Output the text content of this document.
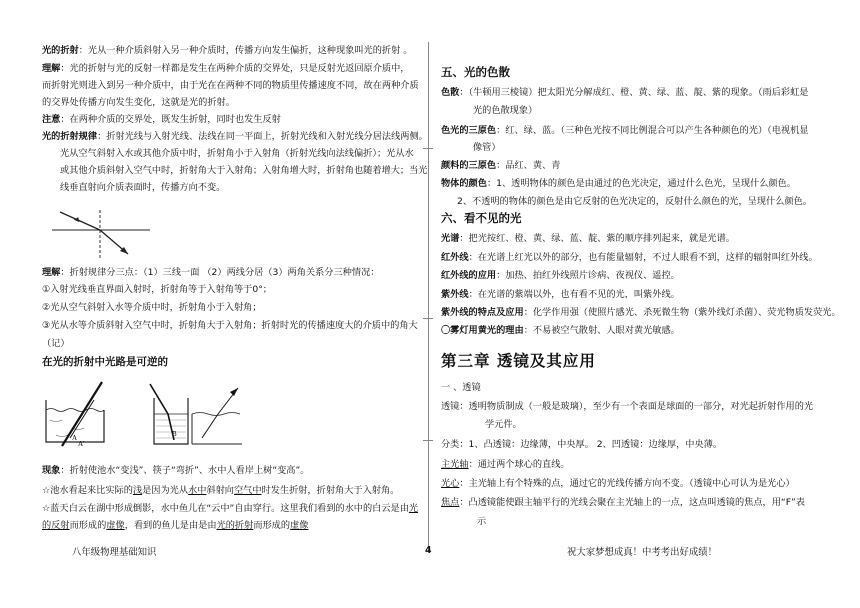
光的折射：光从一种介质斜射入另一种介质时，传播方向发生偏折，这种现象叫光的折射 。
理解：光的折射与光的反射一样都是发生在两种介质的交界处，只是反射光返回原介质中，
而折射光则进入到另一种介质中，由于光在在两种不同的物质里传播速度不同，故在两种介质
的交界处传播方向发生变化，这就是光的折射。
注意：在两种介质的交界处，既发生折射，同时也发生反射
光的折射规律：折射光线与入射光线、法线在同一平面上，折射光线和入射光线分居法线两侧。
光从空气斜射入水或其他介质中时，折射角小于入射角（折射光线向法线偏折）；光从水
或其他介质斜射入空气中时，折射角大于入射角；入射角增大时，折射角也随着增大；当光
线垂直射向介质表面时，传播方向不变。
理解：折射规律分三点：（1）三线一面 （2）两线分居（3）两角关系分三种情况：
①入射光线垂直界面入射时，折射角等于入射角等于0°；
②光从空气斜射入水等介质中时，折射角小于入射角；
③光从水等介质斜射入空气中时，折射角大于入射角；折射时光的传播速度大的介质中的角大
（记）
在光的折射中光路是可逆的
A
A'
B
现象：折射使池水“变浅”、筷子“弯折”、水中人看岸上树“变高”。
☆池水看起来比实际的浅是因为光从水中斜射向空气中时发生折射，折射角大于入射角。
☆蓝天白云在湖中形成倒影，水中鱼儿在“云中”自由穿行。这里我们看到的水中的白云是由光
的反射而形成的虚像，看到的鱼儿是由是由光的折射而形成的虚像
五、光的色散
色散：（牛顿用三棱镜）把太阳光分解成红、橙、黄、绿、蓝、靛、紫的现象。（雨后彩虹是
光的色散现象）
色光的三原色：红、绿、蓝。（三种色光按不同比例混合可以产生各种颜色的光）（电视机显
像管）
颜料的三原色：品红、黄、青
物体的颜色：1、透明物体的颜色是由通过的色光决定，通过什么色光，呈现什么颜色。
2、不透明的物体的颜色是由它反射的色光决定的，反射什么颜色的光，呈现什么颜色。
六、看不见的光
光谱：把光按红、橙、黄、绿、蓝、靛、紫的顺序排列起来，就是光谱。
红外线：在光谱上红光以外的部分，也有能量辐射，不过人眼看不到，这样的辐射叫红外线。
红外线的应用：加热、拍红外线照片诊病、夜视仪、遥控。
紫外线：在光谱的紫端以外，也有看不见的光，叫紫外线。
紫外线的特点及应用：化学作用强（使照片感光、杀死微生物（紫外线灯杀菌）、荧光物质发荧光。
〇雾灯用黄光的理由：不易被空气散射、人眼对黄光敏感。
第三章 透镜及其应用
一 、透镜
透镜：透明物质制成（一般是玻璃），至少有一个表面是球面的一部分，对光起折射作用的光
学元件。
分类：1、凸透镜：边缘薄，中央厚。 2、凹透镜：边缘厚，中央薄。
主光轴：通过两个球心的直线。
光心：主光轴上有个特殊的点，通过它的光线传播方向不变。（透镜中心可认为是光心）
焦点：凸透镜能使跟主轴平行的光线会聚在主光轴上的一点，这点叫透镜的焦点，用“F”表
示
八年级物理基础知识	4	祝大家梦想成真！中考考出好成绩！
